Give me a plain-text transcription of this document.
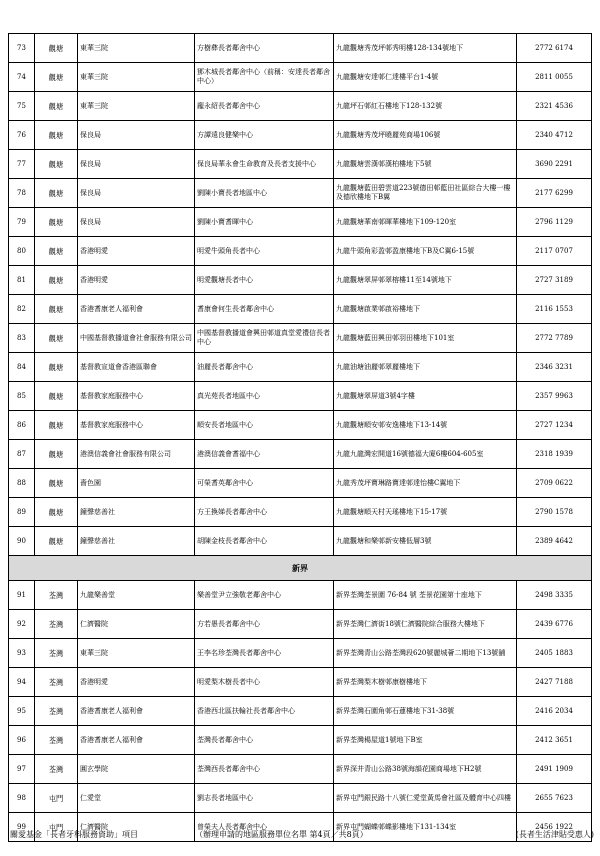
73	觀塘	東華三院	方樹彝長者鄰舍中心	九龍觀塘秀茂坪邨秀明樓128-134號地下	2772 6174
74	觀塘	東華三院	鄧木城長者鄰舍中心（前稱：安達長者鄰舍中心）	九龍觀塘安達邨仁達樓平台1-4號	2811 0055
75	觀塘	東華三院	龐永紹長者鄰舍中心	九龍坪石邨紅石樓地下128-132號	2321 4536
76	觀塘	保良局	方譚遠良健樂中心	九龍觀塘秀茂坪曉麗苑商場106號	2340 4712
77	觀塘	保良局	保良局華永會生命教育及長者支援中心	九龍觀塘雲漢邨漢柏樓地下5號	3690 2291
78	觀塘	保良局	劉陳小寶長者地區中心	九龍觀塘藍田碧雲道223號德田邨藍田社區綜合大樓一樓及德欣樓地下B翼	2177 6299
79	觀塘	保良局	劉陳小寶耆暉中心	九龍觀塘華南邨暉華樓地下109-120室	2796 1129
80	觀塘	香港明愛	明愛牛頭角長者中心	九龍牛頭角彩盈邨盈康樓地下B及C翼6-15號	2117 0707
81	觀塘	香港明愛	明愛觀塘長者中心	九龍觀塘翠屏邨翠榕樓11至14號地下	2727 3189
82	觀塘	香港耆康老人福利會	耆康會何生長者鄰舍中心	九龍觀塘啟業邨啟裕樓地下	2116 1553
83	觀塘	中國基督教播道會社會服務有限公司	中國基督教播道會興田邨道真堂愛禮信長者中心	九龍觀塘藍田興田邨羽田樓地下101室	2772 7789
84	觀塘	基督教宣道會香港區聯會	油麗長者鄰舍中心	九龍油塘油麗邨翠麗樓地下	2346 3231
85	觀塘	基督教家庭服務中心	真光苑長者地區中心	九龍觀塘翠屏道3號4字樓	2357 9963
86	觀塘	基督教家庭服務中心	順安長者地區中心	九龍觀塘順安邨安逸樓地下13-14號	2727 1234
87	觀塘	港澳信義會社會服務有限公司	港澳信義會耆福中心	九龍九龍灣宏開道16號德福大廈6樓604-605室	2318 1939
88	觀塘	嗇色園	可榮耆英鄰舍中心	九龍秀茂坪寶琳路寶達邨達怡樓C翼地下	2709 0622
89	觀塘	鐘聲慈善社	方王換娣長者鄰舍中心	九龍觀塘順天村天瑤樓地下15-17號	2790 1578
90	觀塘	鐘聲慈善社	胡陳金枝長者鄰舍中心	九龍觀塘和樂邨新安樓低層3號	2389 4642
新界					
91	荃灣	九龍樂善堂	樂善堂尹立強敬老鄰舍中心	新界荃灣荃景圍 76-84 號 荃景花園第十座地下	2498 3335
92	荃灣	仁濟醫院	方若愚長者鄰舍中心	新界荃灣仁濟街18號仁濟醫院綜合服務大樓地下	2439 6776
93	荃灣	東華三院	王李名珍荃灣長者鄰舍中心	新界荃灣青山公路荃灣段620號麗城薈二期地下13號舖	2405 1883
94	荃灣	香港明愛	明愛梨木樹長者中心	新界荃灣梨木樹邨康樹樓地下	2427 7188
95	荃灣	香港耆康老人福利會	香港西北區扶輪社長者鄰舍中心	新界荃灣石圍角邨石蓮樓地下31-38號	2416 2034
96	荃灣	香港耆康老人福利會	荃灣長者鄰舍中心	新界荃灣楊屋道1號地下B室	2412 3651
97	荃灣	圓玄學院	荃灣西長者鄰舍中心	新界深井青山公路38號海韻花園商場地下H2號	2491 1909
98	屯門	仁愛堂	劉志長者地區中心	新界屯門銀民路十八號仁愛堂黃馬會社區及體育中心四樓	2655 7623
99	屯門	仁濟醫院	曾榮夫人長者鄰舍中心	新界屯門蝴蝶邨蝶影樓地下131-134室	2456 1922
關愛基金「長者牙科服務資助」項目	（辦理申請的地區服務單位名單 第4頁／共8頁）	(長者生活津貼受惠人)
